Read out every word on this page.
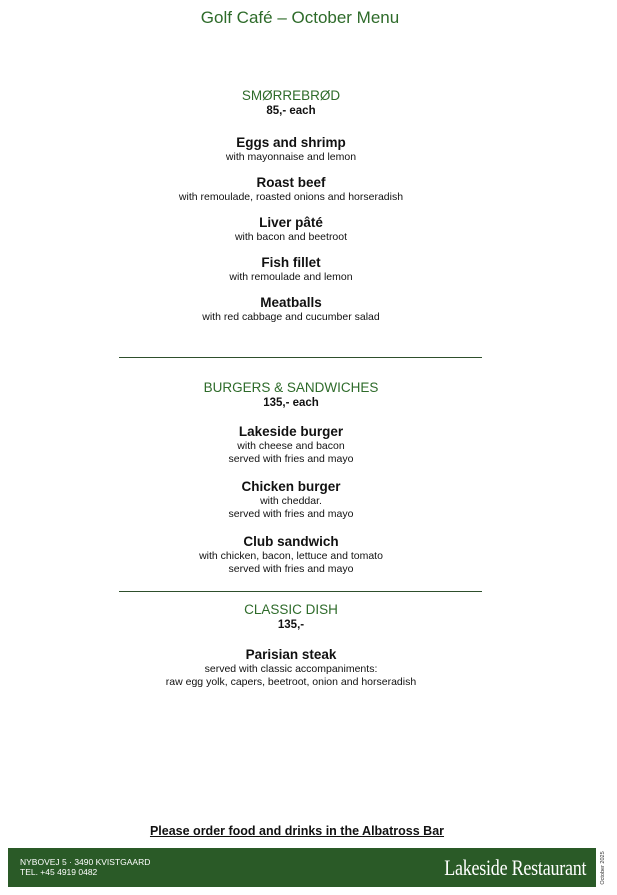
Golf Café – October Menu
SMØRREBRØD
85,- each
Eggs and shrimp
with mayonnaise and lemon
Roast beef
with remoulade, roasted onions and horseradish
Liver pâté
with bacon and beetroot
Fish fillet
with remoulade and lemon
Meatballs
with red cabbage and cucumber salad
BURGERS & SANDWICHES
135,- each
Lakeside burger
with cheese and bacon
served with fries and mayo
Chicken burger
with cheddar.
served with fries and mayo
Club sandwich
with chicken, bacon, lettuce and tomato
served with fries and mayo
CLASSIC DISH
135,-
Parisian steak
served with classic accompaniments:
raw egg yolk, capers, beetroot, onion and horseradish
Please order food and drinks in the Albatross Bar
NYBOVEJ 5 · 3490 KVISTGAARD
TEL. +45 4919 0482	Lakeside Restaurant	October 2025
